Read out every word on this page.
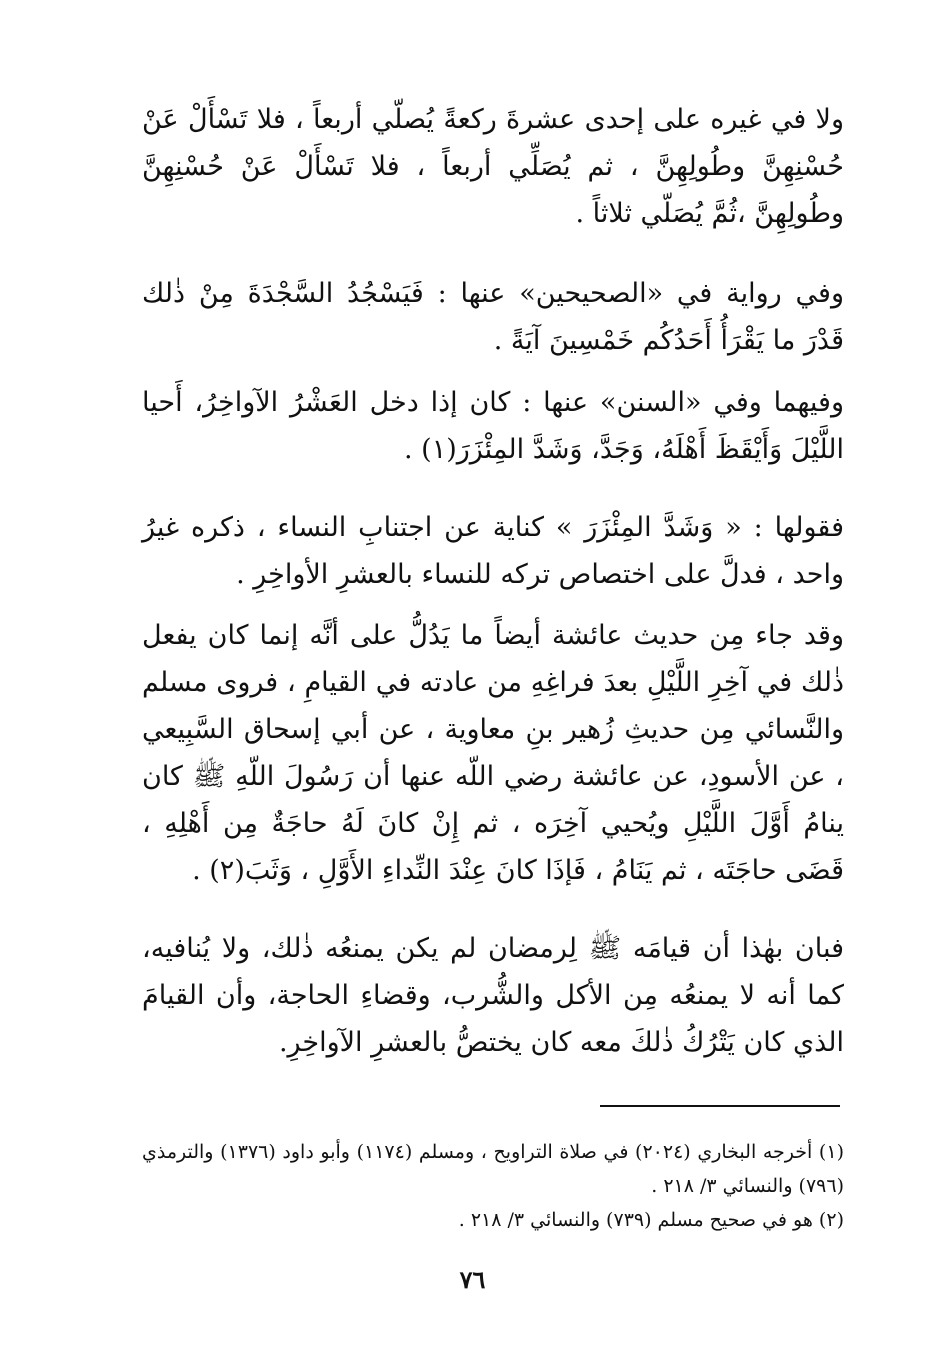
ولا في غيره على إحدى عشرةَ ركعةً يُصلّي أربعاً ، فلا تَسْأَلْ عَنْ حُسْنِهِنَّ وطُولِهِنَّ ، ثم يُصَلِّي أربعاً ، فلا تَسْأَلْ عَنْ حُسْنِهِنَّ وطُولِهِنَّ ،ثُمَّ يُصَلّي ثلاثاً .

وفي رواية في «الصحيحين» عنها : فَيَسْجُدُ السَّجْدَةَ مِنْ ذٰلك قَدْرَ ما يَقْرَأُ أَحَدُكُم خَمْسِينَ آيَةً .

وفيهما وفي «السنن» عنها : كان إذا دخل العَشْرُ الآواخِرُ، أَحيا اللَّيْلَ وَأَيْقَظَ أَهْلَهُ، وَجَدَّ، وَشَدَّ المِئْزَرَ(١) .

فقولها : « وَشَدَّ المِئْزَرَ » كناية عن اجتنابِ النساء ، ذكره غيرُ واحد ، فدلَّ على اختصاص تركه للنساء بالعشرِ الأواخِرِ .

وقد جاء مِن حديث عائشة أيضاً ما يَدُلُّ على أنَّه إنما كان يفعل ذٰلك في آخِرِ اللَّيْلِ بعدَ فراغِهِ من عادته في القيامِ ، فروى مسلم والنَّسائي مِن حديثِ زُهير بنِ معاوية ، عن أبي إسحاق السَّبِيعي ، عن الأسودِ، عن عائشة رضي اللّه عنها أن رَسُولَ اللّهِ ﷺ كان ينامُ أَوَّلَ اللَّيْلِ ويُحيي آخِرَه ، ثم إِنْ كانَ لَهُ حاجَةٌ مِن أَهْلِهِ ، قَضَى حاجَتَه ، ثم يَنَامُ ، فَإذَا كانَ عِنْدَ النِّداءِ الأَوَّلِ ، وَثَبَ(٢) .

فبان بهٰذا أن قيامَه ﷺ لِرمضان لم يكن يمنعُه ذٰلك، ولا يُنافيه، كما أنه لا يمنعُه مِن الأكل والشُّرب، وقضاءِ الحاجة، وأن القيامَ الذي كان يَتْرُكُ ذٰلكَ معه كان يختصُّ بالعشرِ الآواخِرِ.

(١) أخرجه البخاري (٢٠٢٤) في صلاة التراويح ، ومسلم (١١٧٤) وأبو داود (١٣٧٦) والترمذي (٧٩٦) والنسائي ٣/ ٢١٨ .

(٢) هو في صحيح مسلم (٧٣٩) والنسائي ٣/ ٢١٨ .

٧٦
